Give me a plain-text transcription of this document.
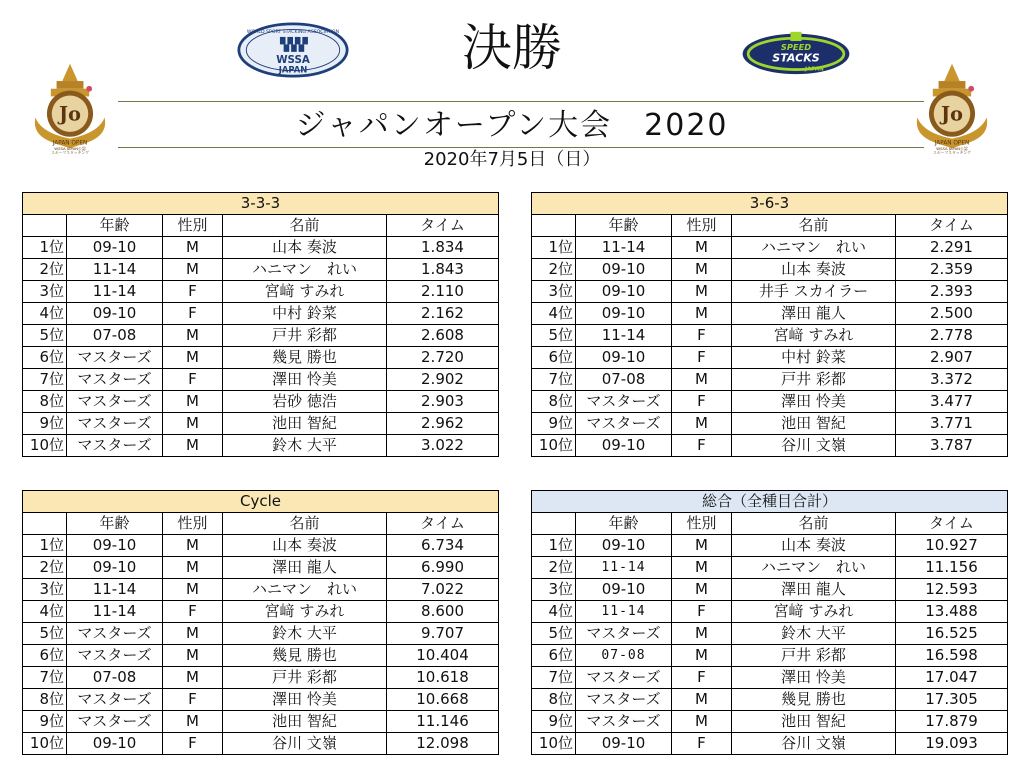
Jo
JAPAN OPEN
WSSA JAPAN公認
スポーツスタッキング
Jo
JAPAN OPEN
WSSA JAPAN公認
スポーツスタッキング
WORLD SPORT STACKING ASSOCIATION
WSSA
JAPAN
SPEED
STACKS
JAPAN
決勝
ジャパンオープン大会　2020
2020年7月5日（日）
3-3-3				
	年齢	性別	名前	タイム
1位	09-10	M	山本 奏波	1.834
2位	11-14	M	ハニマン　れい	1.843
3位	11-14	F	宮﨑 すみれ	2.110
4位	09-10	F	中村 鈴菜	2.162
5位	07-08	M	戸井 彩都	2.608
6位	マスターズ	M	幾見 勝也	2.720
7位	マスターズ	F	澤田 怜美	2.902
8位	マスターズ	M	岩砂 徳浩	2.903
9位	マスターズ	M	池田 智紀	2.962
10位	マスターズ	M	鈴木 大平	3.022
3-6-3				
	年齢	性別	名前	タイム
1位	11-14	M	ハニマン　れい	2.291
2位	09-10	M	山本 奏波	2.359
3位	09-10	M	井手 スカイラー	2.393
4位	09-10	M	澤田 龍人	2.500
5位	11-14	F	宮﨑 すみれ	2.778
6位	09-10	F	中村 鈴菜	2.907
7位	07-08	M	戸井 彩都	3.372
8位	マスターズ	F	澤田 怜美	3.477
9位	マスターズ	M	池田 智紀	3.771
10位	09-10	F	谷川 文嶺	3.787
Cycle				
	年齢	性別	名前	タイム
1位	09-10	M	山本 奏波	6.734
2位	09-10	M	澤田 龍人	6.990
3位	11-14	M	ハニマン　れい	7.022
4位	11-14	F	宮﨑 すみれ	8.600
5位	マスターズ	M	鈴木 大平	9.707
6位	マスターズ	M	幾見 勝也	10.404
7位	07-08	M	戸井 彩都	10.618
8位	マスターズ	F	澤田 怜美	10.668
9位	マスターズ	M	池田 智紀	11.146
10位	09-10	F	谷川 文嶺	12.098
総合（全種目合計）				
	年齢	性別	名前	タイム
1位	09-10	M	山本 奏波	10.927
2位	11-14	M	ハニマン　れい	11.156
3位	09-10	M	澤田 龍人	12.593
4位	11-14	F	宮﨑 すみれ	13.488
5位	マスターズ	M	鈴木 大平	16.525
6位	07-08	M	戸井 彩都	16.598
7位	マスターズ	F	澤田 怜美	17.047
8位	マスターズ	M	幾見 勝也	17.305
9位	マスターズ	M	池田 智紀	17.879
10位	09-10	F	谷川 文嶺	19.093
